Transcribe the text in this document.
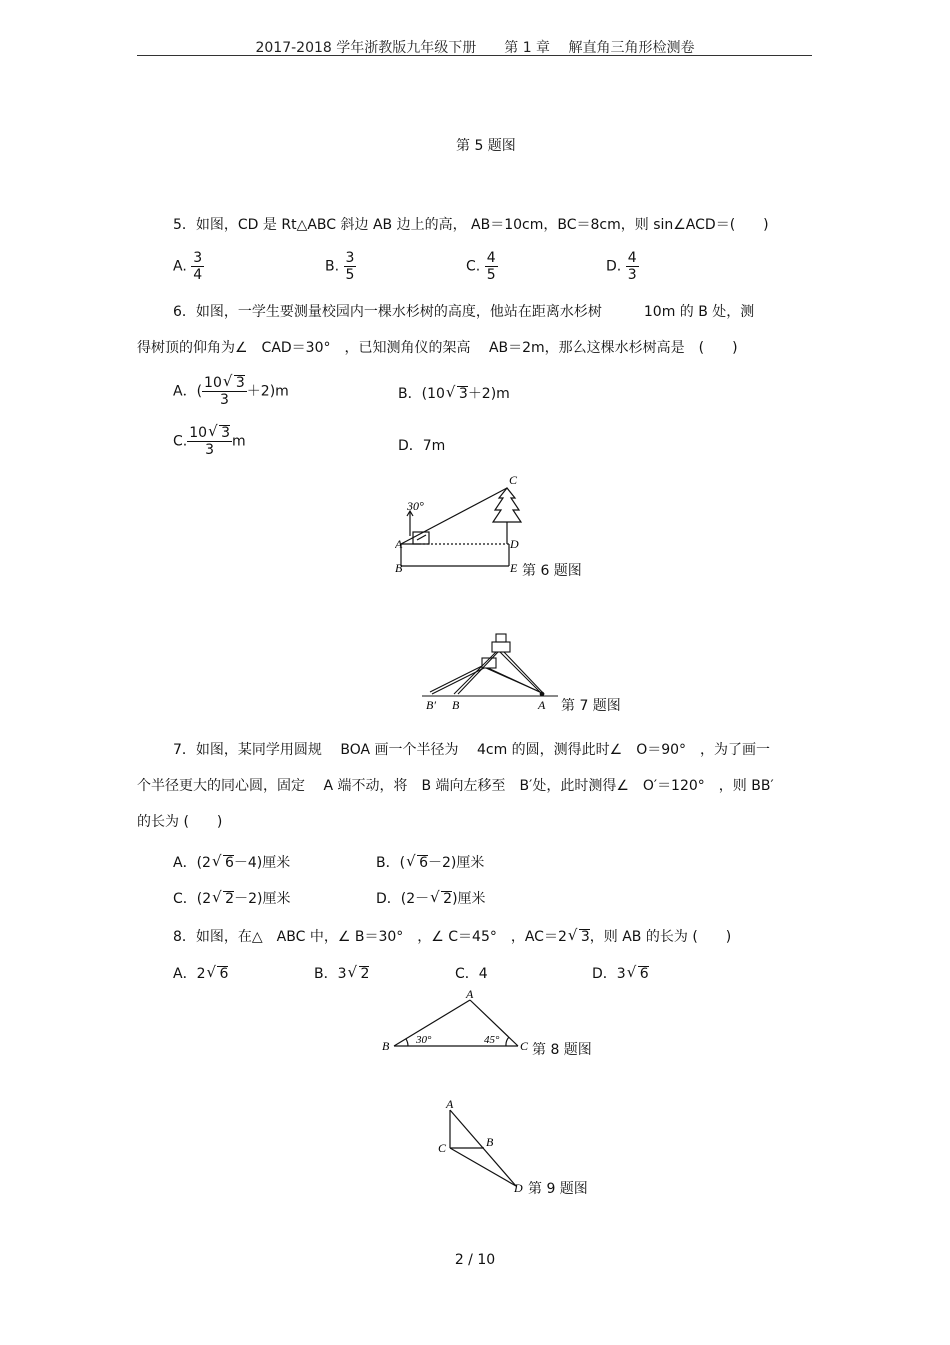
2017-2018 学年浙教版九年级下册　　第 1 章　 解直角三角形检测卷
第 5 题图
5．如图，CD 是 Rt△ABC 斜边 AB 边上的高， AB＝10cm，BC＝8cm，则 sin∠ACD＝(　　)
A. $\frac{3}{4}$	B. $\frac{3}{5}$	C. $\frac{4}{5}$	D. $\frac{4}{3}$
6．如图，一学生要测量校园内一棵水杉树的高度，他站在距离水杉树　　　10m 的 B 处，测
得树顶的仰角为∠　CAD＝30°　，已知测角仪的架高　 AB＝2m，那么这棵水杉树高是　(　　)
A．( $\frac{10 √ 3}{3} +2)m$	B．(10 √ 3＋2)m
C. $\frac{10 √ 3}{3}$ m	D．7m
30°
A
B
C
D
E 第 6 题图
B′ B	A 第 7 题图
7．如图，某同学用圆规　 BOA 画一个半径为　 4cm 的圆，测得此时∠　O＝90°　，为了画一
个半径更大的同心圆，固定　 A 端不动，将　B 端向左移至　B′处，此时测得∠　O′＝120°　，则 BB′
的长为 (　　)
A．(2 √ 6－4)厘米	B．( √ 6－2)厘米
C．(2 √ 2－2)厘米	D．(2－ √ 2)厘米
8．如图，在△　ABC 中，∠ B＝30°　，∠ C＝45°　，AC＝2 √ 3，则 AB 的长为 (　　)
A．2 √ 6	B．3 √ 2	C．4	D．3 √ 6
A
B	C
30°	45°
第 8 题图
A
C	B
D 第 9 题图
2 / 10
